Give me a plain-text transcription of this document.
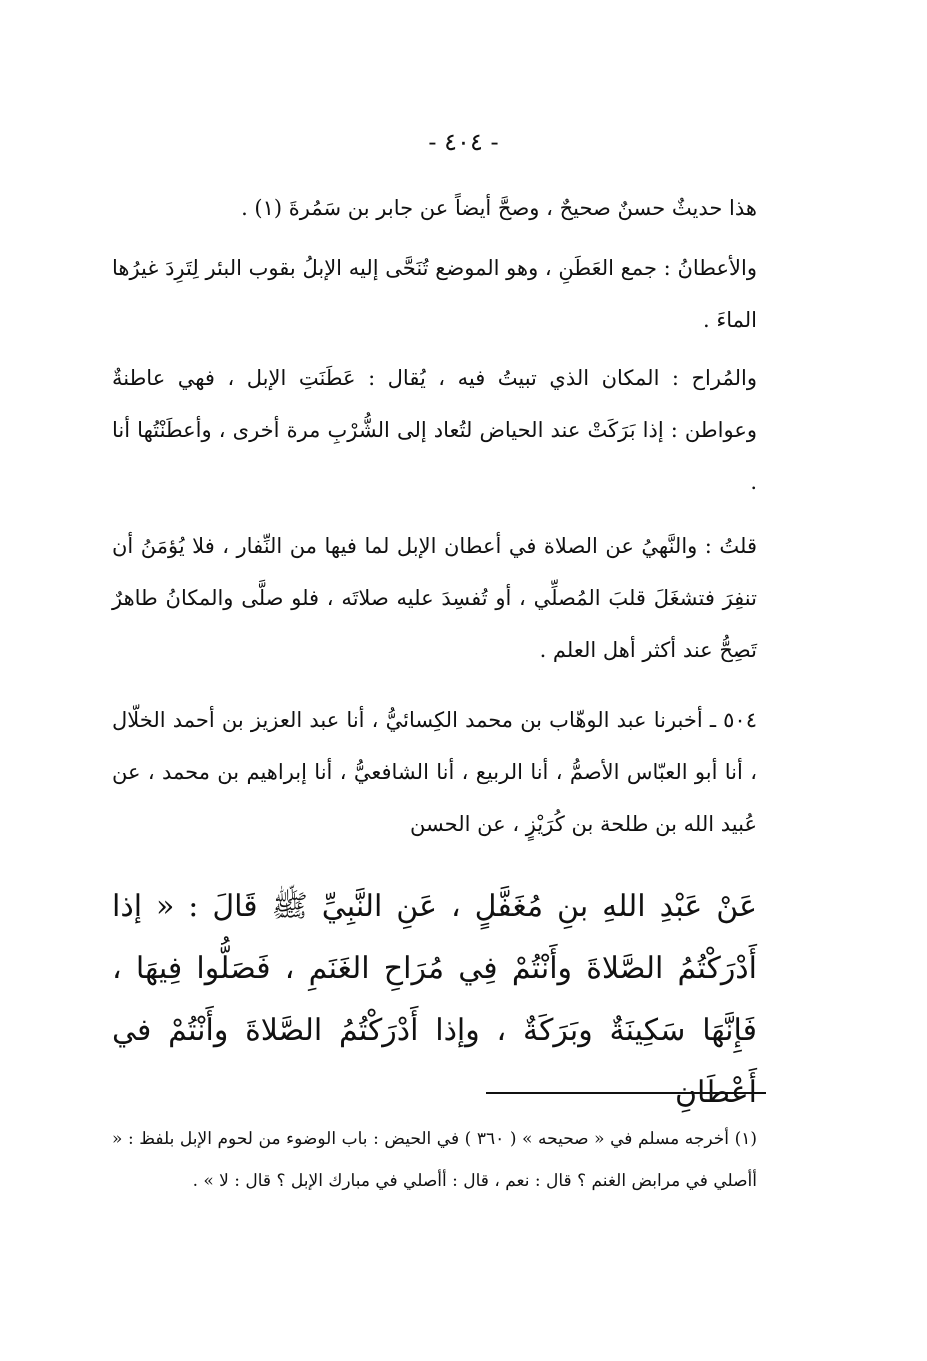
- ٤٠٤ -

هذا حديثٌ حسنٌ صحيحٌ ، وصحَّ أيضاً عن جابر بن سَمُرةَ (١) .

والأعطانُ : جمع العَطَنِ ، وهو الموضع تُنَحَّى إليه الإبلُ بقوب البئر لِتَرِدَ غيرُها الماءَ .

والمُراح : المكان الذي تبيتُ فيه ، يُقال : عَطَنَتِ الإبل ، فهي عاطنةٌ وعواطن : إذا بَرَكَتْ عند الحياض لتُعاد إلى الشُّرْبِ مرة أخرى ، وأعطَنْتُها أنا .

قلتُ : والنَّهيُ عن الصلاة في أعطان الإبل لما فيها من النِّفار ، فلا يُؤمَنُ أن تنفِرَ فتشغَلَ قلبَ المُصلِّي ، أو تُفسِدَ عليه صلاتَه ، فلو صلَّى والمكانُ طاهرٌ تَصِحُّ عند أكثر أهل العلم .

٥٠٤ ـ أخبرنا عبد الوهّاب بن محمد الكِسائيُّ ، أنا عبد العزيز بن أحمد الخلّال ، أنا أبو العبّاس الأصمُّ ، أنا الربيع ، أنا الشافعيُّ ، أنا إبراهيم بن محمد ، عن عُبيد الله بن طلحة بن كُرَيْزٍ ، عن الحسن

عَنْ عَبْدِ اللهِ بنِ مُغَفَّلٍ ، عَنِ النَّبِيِّ ﷺ قَالَ : « إذا أَدْرَكْتُمُ الصَّلاةَ وأَنْتُمْ فِي مُرَاحِ الغَنَمِ ، فَصَلُّوا فِيهَا ، فَإِنَّهَا سَكِينَةٌ وبَرَكَةٌ ، وإذا أَدْرَكْتُمُ الصَّلاةَ وأَنْتُمْ في أَعْطَانِ

(١) أخرجه مسلم في « صحيحه » ( ٣٦٠ ) في الحيض : باب الوضوء من لحوم الإبل بلفظ : « أأصلي في مرابض الغنم ؟ قال : نعم ، قال : أأصلي في مبارك الإبل ؟ قال : لا » .
